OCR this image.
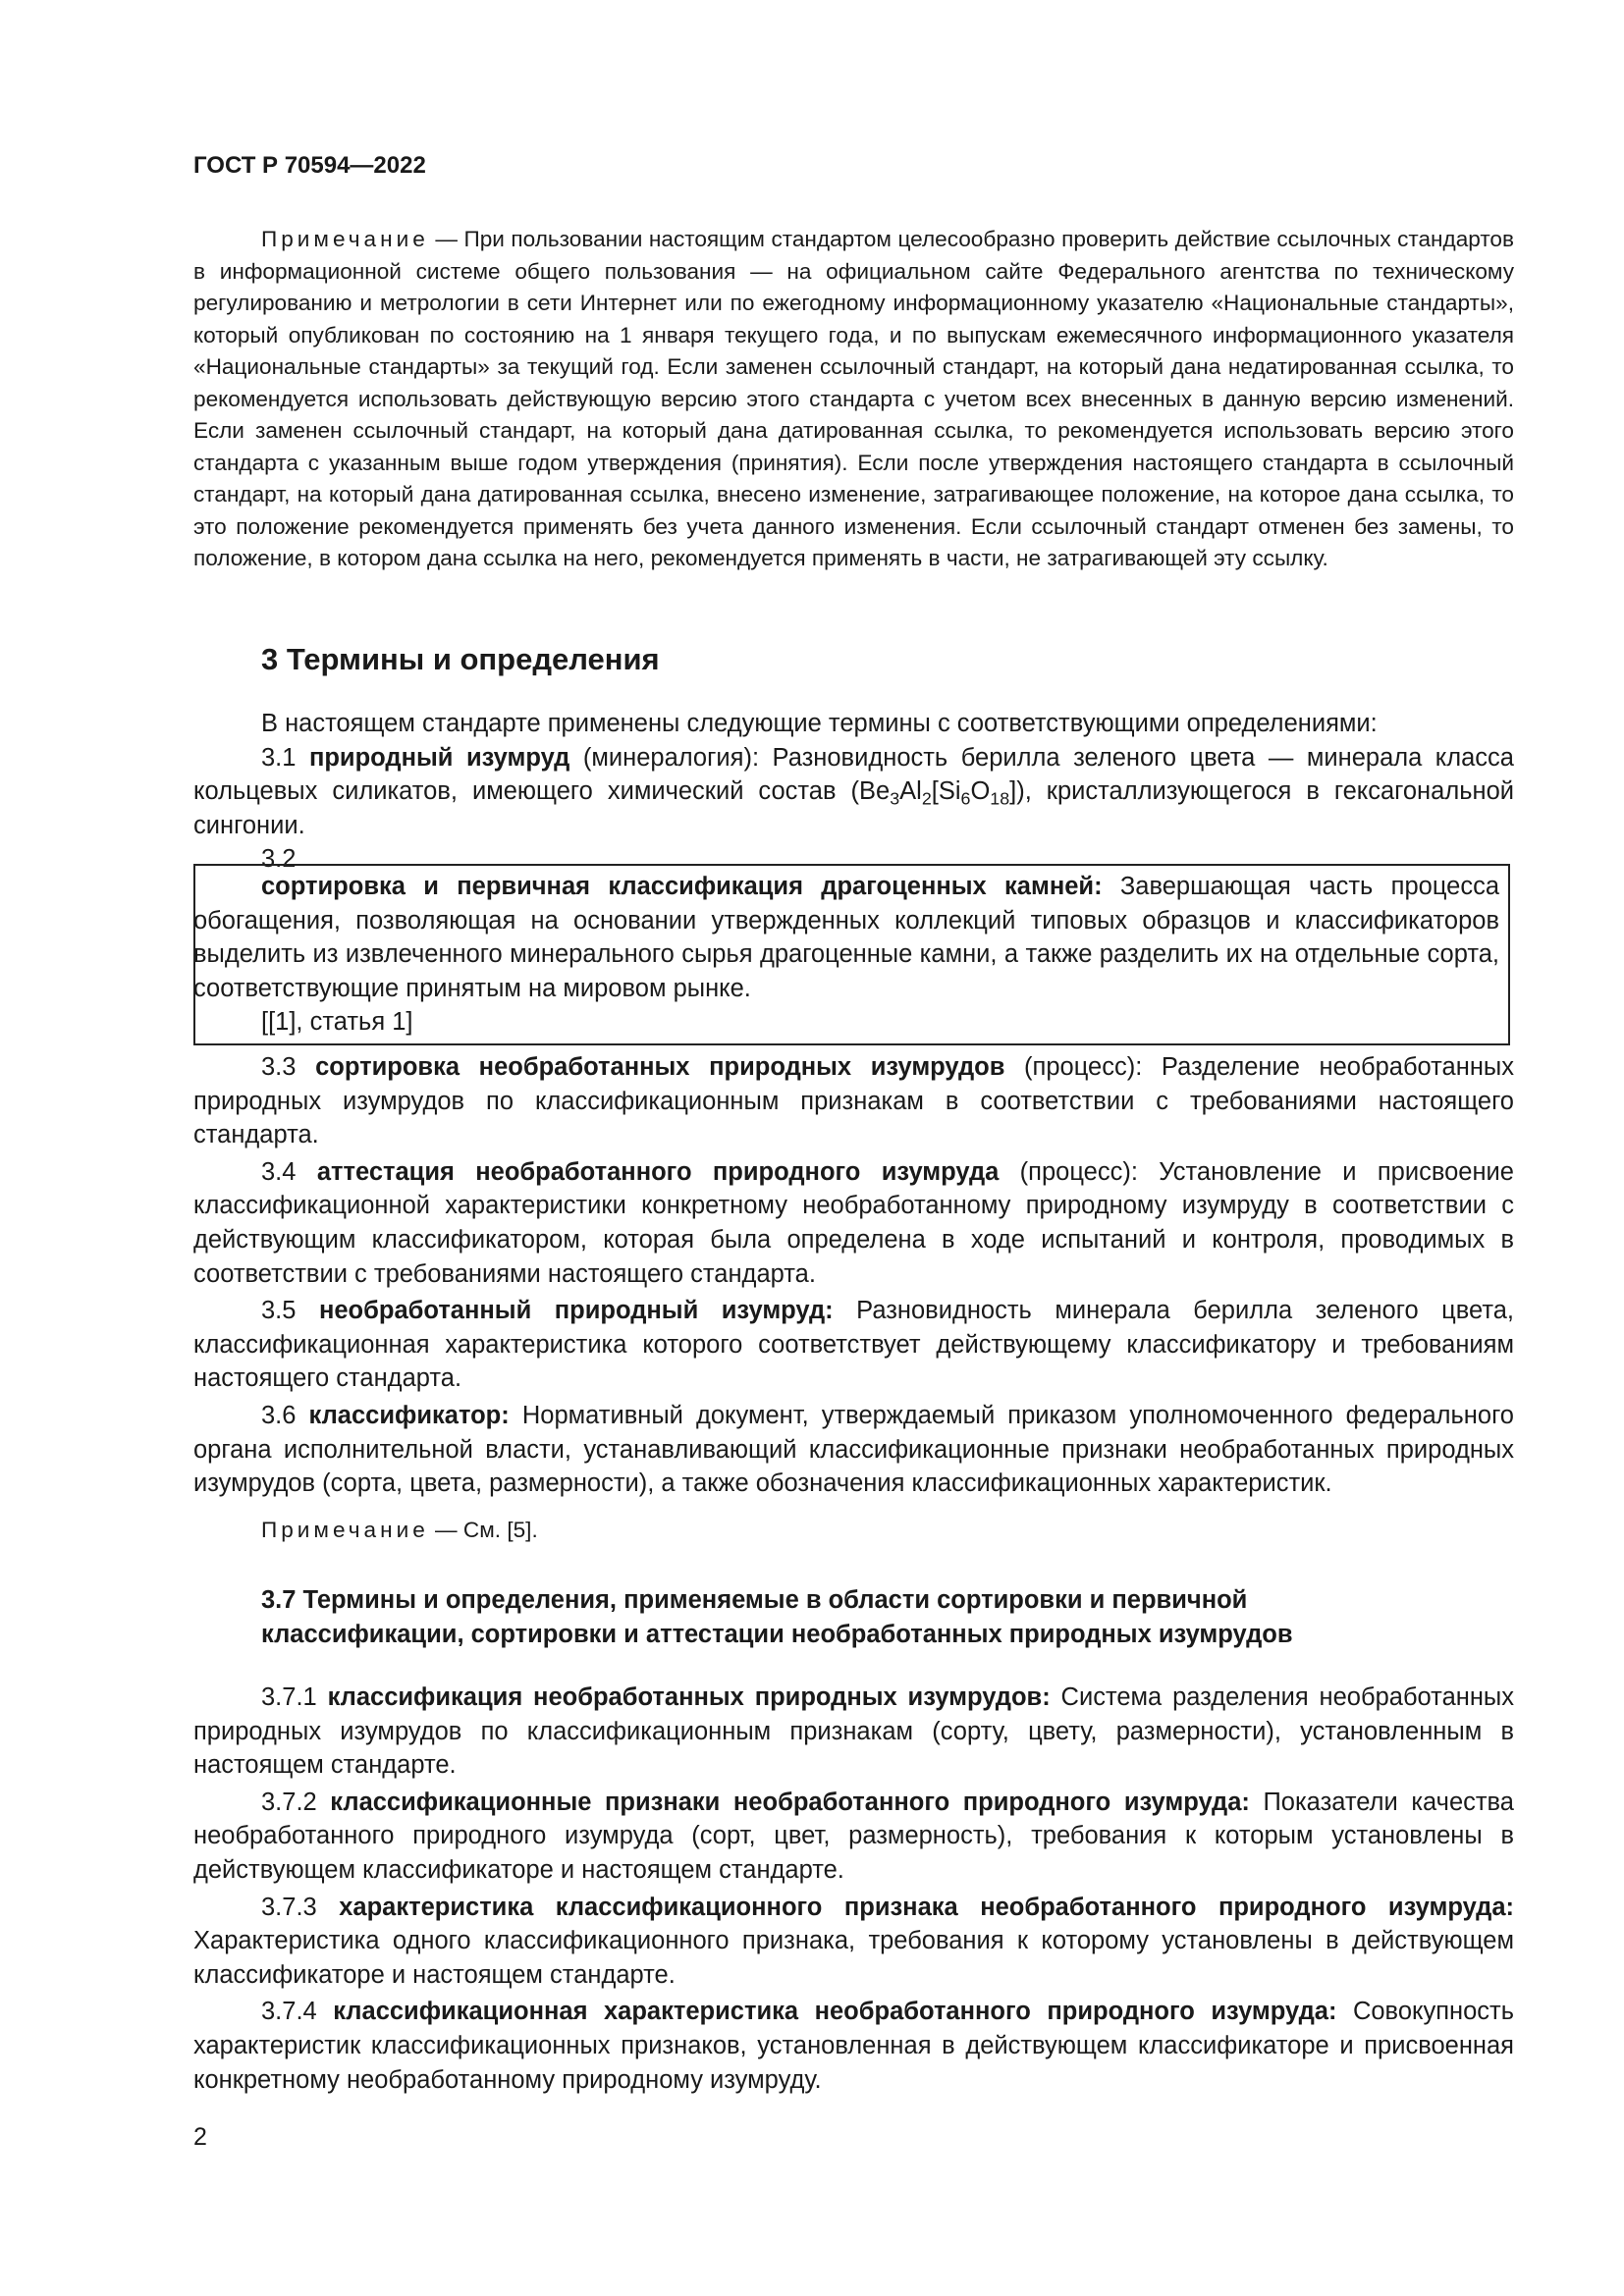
ГОСТ Р 70594—2022
Примечание — При пользовании настоящим стандартом целесообразно проверить действие ссылочных стандартов в информационной системе общего пользования — на официальном сайте Федерального агентства по техническому регулированию и метрологии в сети Интернет или по ежегодному информационному указателю «Национальные стандарты», который опубликован по состоянию на 1 января текущего года, и по выпускам ежемесячного информационного указателя «Национальные стандарты» за текущий год. Если заменен ссылочный стандарт, на который дана недатированная ссылка, то рекомендуется использовать действующую версию этого стандарта с учетом всех внесенных в данную версию изменений. Если заменен ссылочный стандарт, на который дана датированная ссылка, то рекомендуется использовать версию этого стандарта с указанным выше годом утверждения (принятия). Если после утверждения настоящего стандарта в ссылочный стандарт, на который дана датированная ссылка, внесено изменение, затрагивающее положение, на которое дана ссылка, то это положение рекомендуется применять без учета данного изменения. Если ссылочный стандарт отменен без замены, то положение, в котором дана ссылка на него, рекомендуется применять в части, не затрагивающей эту ссылку.
3 Термины и определения

В настоящем стандарте применены следующие термины с соответствующими определениями:

3.1 природный изумруд (минералогия): Разновидность берилла зеленого цвета — минерала класса кольцевых силикатов, имеющего химический состав $(Be_3Al_2[Si_6O_{18}])$, кристаллизующегося в гексагональной сингонии.

3.2

сортировка и первичная классификация драгоценных камней: Завершающая часть процесса обогащения, позволяющая на основании утвержденных коллекций типовых образцов и классификаторов выделить из извлеченного минерального сырья драгоценные камни, а также разделить их на отдельные сорта, соответствующие принятым на мировом рынке.

[[1], статья 1]

3.3 сортировка необработанных природных изумрудов (процесс): Разделение необработанных природных изумрудов по классификационным признакам в соответствии с требованиями настоящего стандарта.

3.4 аттестация необработанного природного изумруда (процесс): Установление и присвоение классификационной характеристики конкретному необработанному природному изумруду в соответствии с действующим классификатором, которая была определена в ходе испытаний и контроля, проводимых в соответствии с требованиями настоящего стандарта.

3.5 необработанный природный изумруд: Разновидность минерала берилла зеленого цвета, классификационная характеристика которого соответствует действующему классификатору и требованиям настоящего стандарта.

3.6 классификатор: Нормативный документ, утверждаемый приказом уполномоченного федерального органа исполнительной власти, устанавливающий классификационные признаки необработанных природных изумрудов (сорта, цвета, размерности), а также обозначения классификационных характеристик.

Примечание — См. [5].
3.7 Термины и определения, применяемые в области сортировки и первичной классификации, сортировки и аттестации необработанных природных изумрудов

3.7.1 классификация необработанных природных изумрудов: Система разделения необработанных природных изумрудов по классификационным признакам (сорту, цвету, размерности), установленным в настоящем стандарте.

3.7.2 классификационные признаки необработанного природного изумруда: Показатели качества необработанного природного изумруда (сорт, цвет, размерность), требования к которым установлены в действующем классификаторе и настоящем стандарте.

3.7.3 характеристика классификационного признака необработанного природного изумруда: Характеристика одного классификационного признака, требования к которому установлены в действующем классификаторе и настоящем стандарте.

3.7.4 классификационная характеристика необработанного природного изумруда: Совокупность характеристик классификационных признаков, установленная в действующем классификаторе и присвоенная конкретному необработанному природному изумруду.

2
